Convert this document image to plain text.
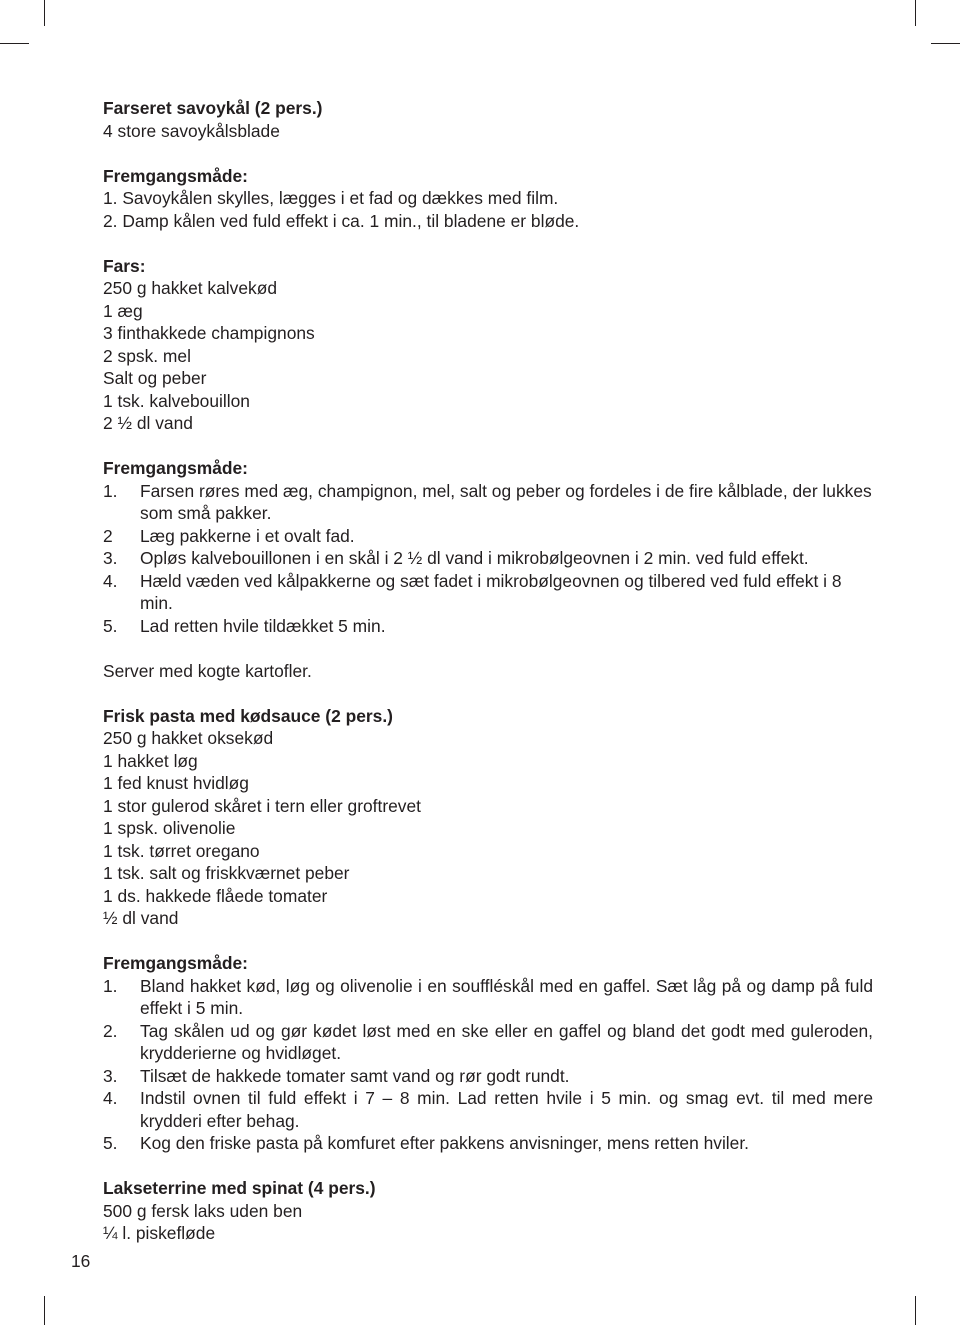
Farseret savoykål (2 pers.)
4 store savoykålsblade
Fremgangsmåde:
1. Savoykålen skylles, lægges i et fad og dækkes med film.
2. Damp kålen ved fuld effekt i ca. 1 min., til bladene er bløde.
Fars:
250 g hakket kalvekød
1 æg
3 finthakkede champignons
2 spsk. mel
Salt og peber
1 tsk. kalvebouillon
2 ½ dl vand
Fremgangsmåde:
1.	Farsen røres med æg, champignon, mel, salt og peber og fordeles i de fire kålblade, der lukkes som små pakker.
2	Læg pakkerne i et ovalt fad.
3.	Opløs kalvebouillonen i en skål i 2 ½ dl vand i mikrobølgeovnen i 2 min. ved fuld effekt.
4.	Hæld væden ved kålpakkerne og sæt fadet i mikrobølgeovnen og tilbered ved fuld effekt i 8 min.
5.	Lad retten hvile tildækket 5 min.
Server med kogte kartofler.
Frisk pasta med kødsauce (2 pers.)
250 g hakket oksekød
1 hakket løg
1 fed knust hvidløg
1 stor gulerod skåret i tern eller groftrevet
1 spsk. olivenolie
1 tsk. tørret oregano
1 tsk. salt og friskkværnet peber
1 ds. hakkede flåede tomater
½ dl vand
Fremgangsmåde:
1.	Bland hakket kød, løg og olivenolie i en souffléskål med en gaffel. Sæt låg på og damp på fuld effekt i 5 min.
2.	Tag skålen ud og gør kødet løst med en ske eller en gaffel og bland det godt med guleroden, krydderierne og hvidløget.
3.	Tilsæt de hakkede tomater samt vand og rør godt rundt.
4.	Indstil ovnen til fuld effekt i 7 – 8 min. Lad retten hvile i 5 min. og smag evt. til med mere krydderi efter behag.
5.	Kog den friske pasta på komfuret efter pakkens anvisninger, mens retten hviler.
Lakseterrine med spinat (4 pers.)
500 g fersk laks uden ben
¼ l. piskefløde
16
